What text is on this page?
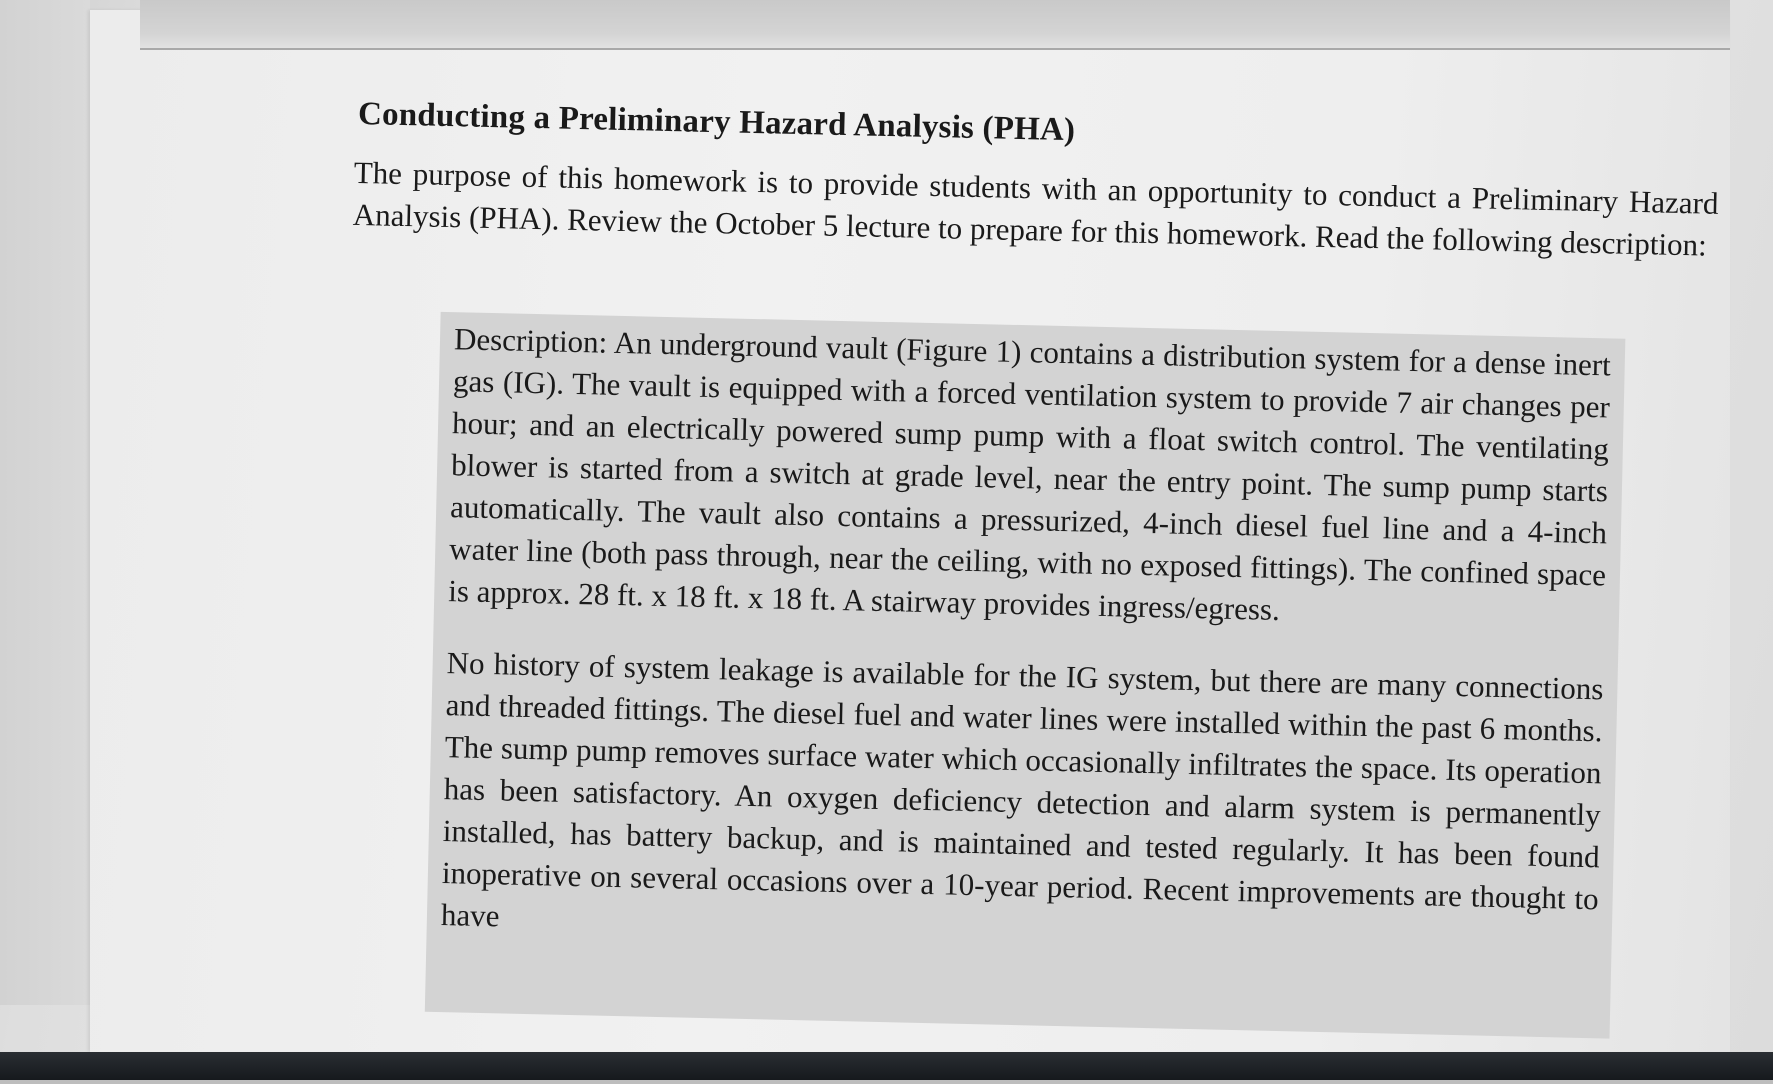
Conducting a Preliminary Hazard Analysis (PHA)

The purpose of this homework is to provide students with an opportunity to conduct a Preliminary Hazard Analysis (PHA). Review the October 5 lecture to prepare for this homework. Read the following description:

Description: An underground vault (Figure 1) contains a distribution system for a dense inert gas (IG). The vault is equipped with a forced ventilation system to provide 7 air changes per hour; and an electrically powered sump pump with a float switch control. The ventilating blower is started from a switch at grade level, near the entry point. The sump pump starts automatically. The vault also contains a pressurized, 4-inch diesel fuel line and a 4-inch water line (both pass through, near the ceiling, with no exposed fittings). The confined space is approx. 28 ft. x 18 ft. x 18 ft. A stairway provides ingress/egress.

No history of system leakage is available for the IG system, but there are many connections and threaded fittings. The diesel fuel and water lines were installed within the past 6 months. The sump pump removes surface water which occasionally infiltrates the space. Its operation has been satisfactory. An oxygen deficiency detection and alarm system is permanently installed, has battery backup, and is maintained and tested regularly. It has been found inoperative on several occasions over a 10-year period. Recent improvements are thought to have
